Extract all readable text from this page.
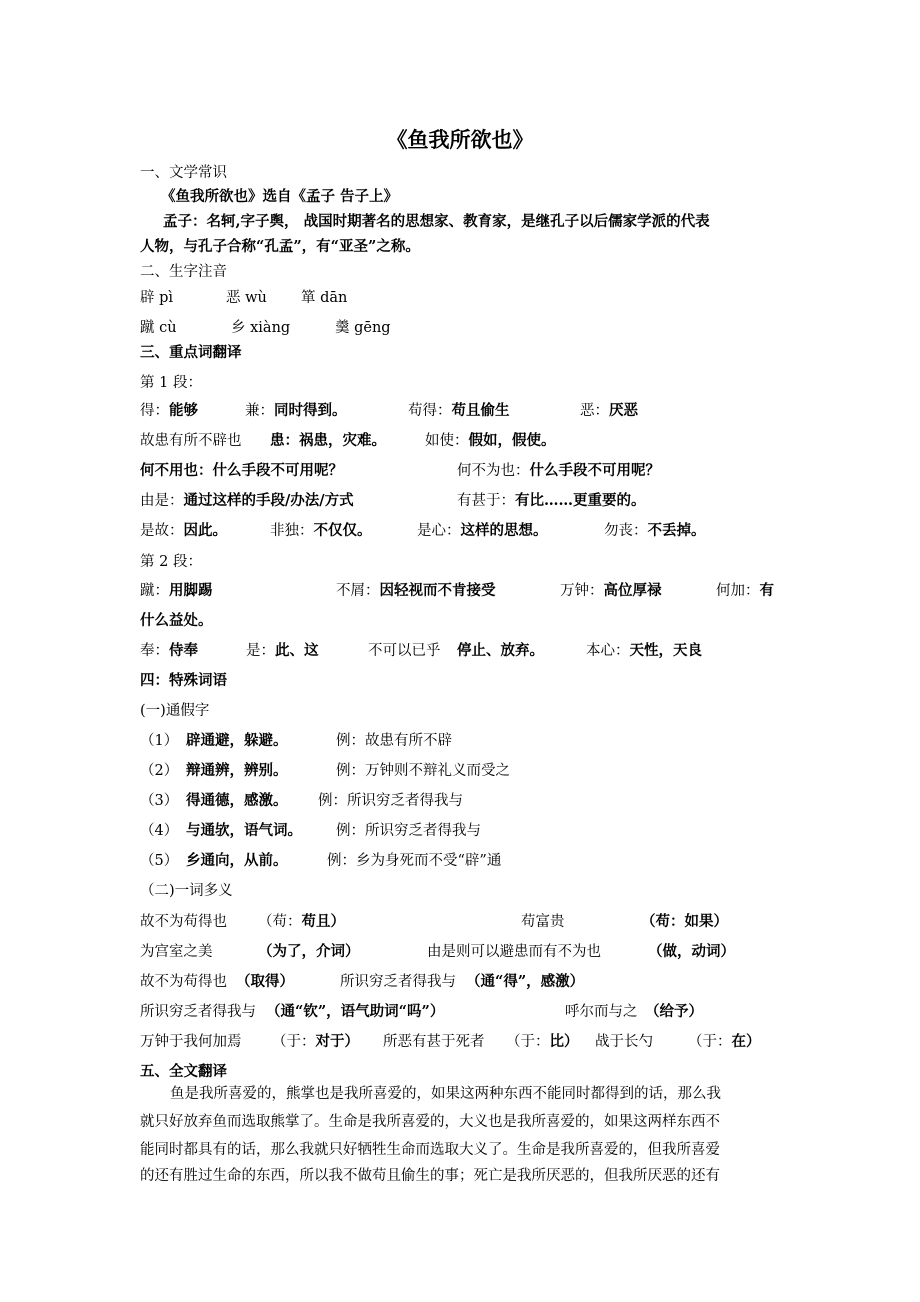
《鱼我所欲也》
一、文学常识
《鱼我所欲也》选自《孟子 告子上》
孟子：名轲,字子舆， 战国时期著名的思想家、教育家，是继孔子以后儒家学派的代表
人物，与孔子合称“孔孟”，有“亚圣”之称。
二、生字注音
辟 pì	恶 wù 箪 dān
蹴 cù	乡 xiàng	羹 gēng
三、重点词翻译
第 1 段：
得：能够	兼：同时得到。	苟得：苟且偷生	恶：厌恶
故患有所不辟也 患：祸患，灾难。	如使：假如，假使。
何不用也：什么手段不可用呢？	何不为也：什么手段不可用呢？
由是：通过这样的手段/办法/方式	有甚于：有比……更重要的。
是故：因此。	非独：不仅仅。	是心：这样的思想。	勿丧：不丢掉。
第 2 段：
蹴：用脚踢	不屑：因轻视而不肯接受	万钟：高位厚禄	何加：有
什么益处。
奉：侍奉	是：此、这	不可以已乎 停止、放弃。	本心：天性，天良
四：特殊词语
(一)通假字
（1） 辟通避，躲避。	例：故患有所不辟
（2） 辩通辨，辨别。	例：万钟则不辩礼义而受之
（3） 得通德，感激。 例：所识穷乏者得我与
（4） 与通欤，语气词。 例：所识穷乏者得我与
（5） 乡通向，从前。	例：乡为身死而不受“辟”通
（二)一词多义
故不为苟得也 （苟：苟且）	苟富贵	（苟：如果）
为宫室之美	（为了，介词）	由是则可以避患而有不为也	（做，动词）
故不为苟得也 （取得）	所识穷乏者得我与 （通“得”，感激）
所识穷乏者得我与 （通“钦”，语气助词“吗”）	呼尔而与之 （给予）
万钟于我何加焉 （于：对于） 所恶有甚于死者 （于：比） 战于长勺 （于：在）
五、全文翻译
鱼是我所喜爱的，熊掌也是我所喜爱的，如果这两种东西不能同时都得到的话，那么我
就只好放弃鱼而选取熊掌了。生命是我所喜爱的，大义也是我所喜爱的，如果这两样东西不
能同时都具有的话，那么我就只好牺牲生命而选取大义了。生命是我所喜爱的，但我所喜爱
的还有胜过生命的东西，所以我不做苟且偷生的事；死亡是我所厌恶的，但我所厌恶的还有
